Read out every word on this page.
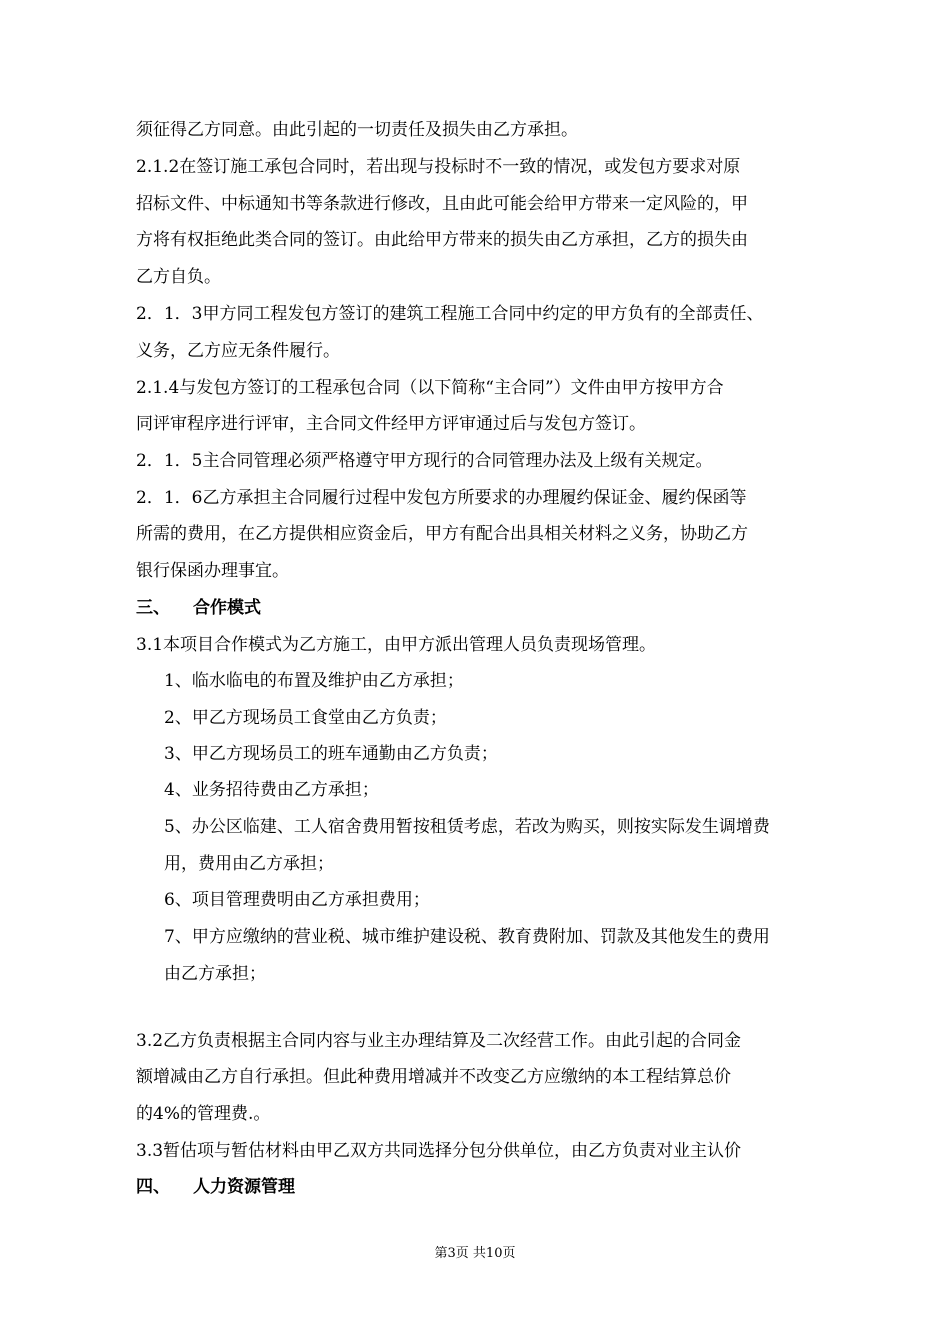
须征得乙方同意。由此引起的一切责任及损失由乙方承担。
2.1.2在签订施工承包合同时，若出现与投标时不一致的情况，或发包方要求对原
招标文件、中标通知书等条款进行修改，且由此可能会给甲方带来一定风险的，甲
方将有权拒绝此类合同的签订。由此给甲方带来的损失由乙方承担，乙方的损失由
乙方自负。
2．1．3甲方同工程发包方签订的建筑工程施工合同中约定的甲方负有的全部责任、
义务，乙方应无条件履行。
2.1.4与发包方签订的工程承包合同（以下简称“主合同”）文件由甲方按甲方合
同评审程序进行评审，主合同文件经甲方评审通过后与发包方签订。
2．1．5主合同管理必须严格遵守甲方现行的合同管理办法及上级有关规定。
2．1．6乙方承担主合同履行过程中发包方所要求的办理履约保证金、履约保函等
所需的费用，在乙方提供相应资金后，甲方有配合出具相关材料之义务，协助乙方
银行保函办理事宜。
三、 合作模式
3.1本项目合作模式为乙方施工，由甲方派出管理人员负责现场管理。
1、临水临电的布置及维护由乙方承担；
2、甲乙方现场员工食堂由乙方负责；
3、甲乙方现场员工的班车通勤由乙方负责；
4、业务招待费由乙方承担；
5、办公区临建、工人宿舍费用暂按租赁考虑，若改为购买，则按实际发生调增费
用，费用由乙方承担；
6、项目管理费明由乙方承担费用；
7、甲方应缴纳的营业税、城市维护建设税、教育费附加、罚款及其他发生的费用
由乙方承担；
3.2乙方负责根据主合同内容与业主办理结算及二次经营工作。由此引起的合同金
额增减由乙方自行承担。但此种费用增减并不改变乙方应缴纳的本工程结算总价
的4%的管理费.。
3.3暂估项与暂估材料由甲乙双方共同选择分包分供单位，由乙方负责对业主认价
四、 人力资源管理
第3页 共10页
